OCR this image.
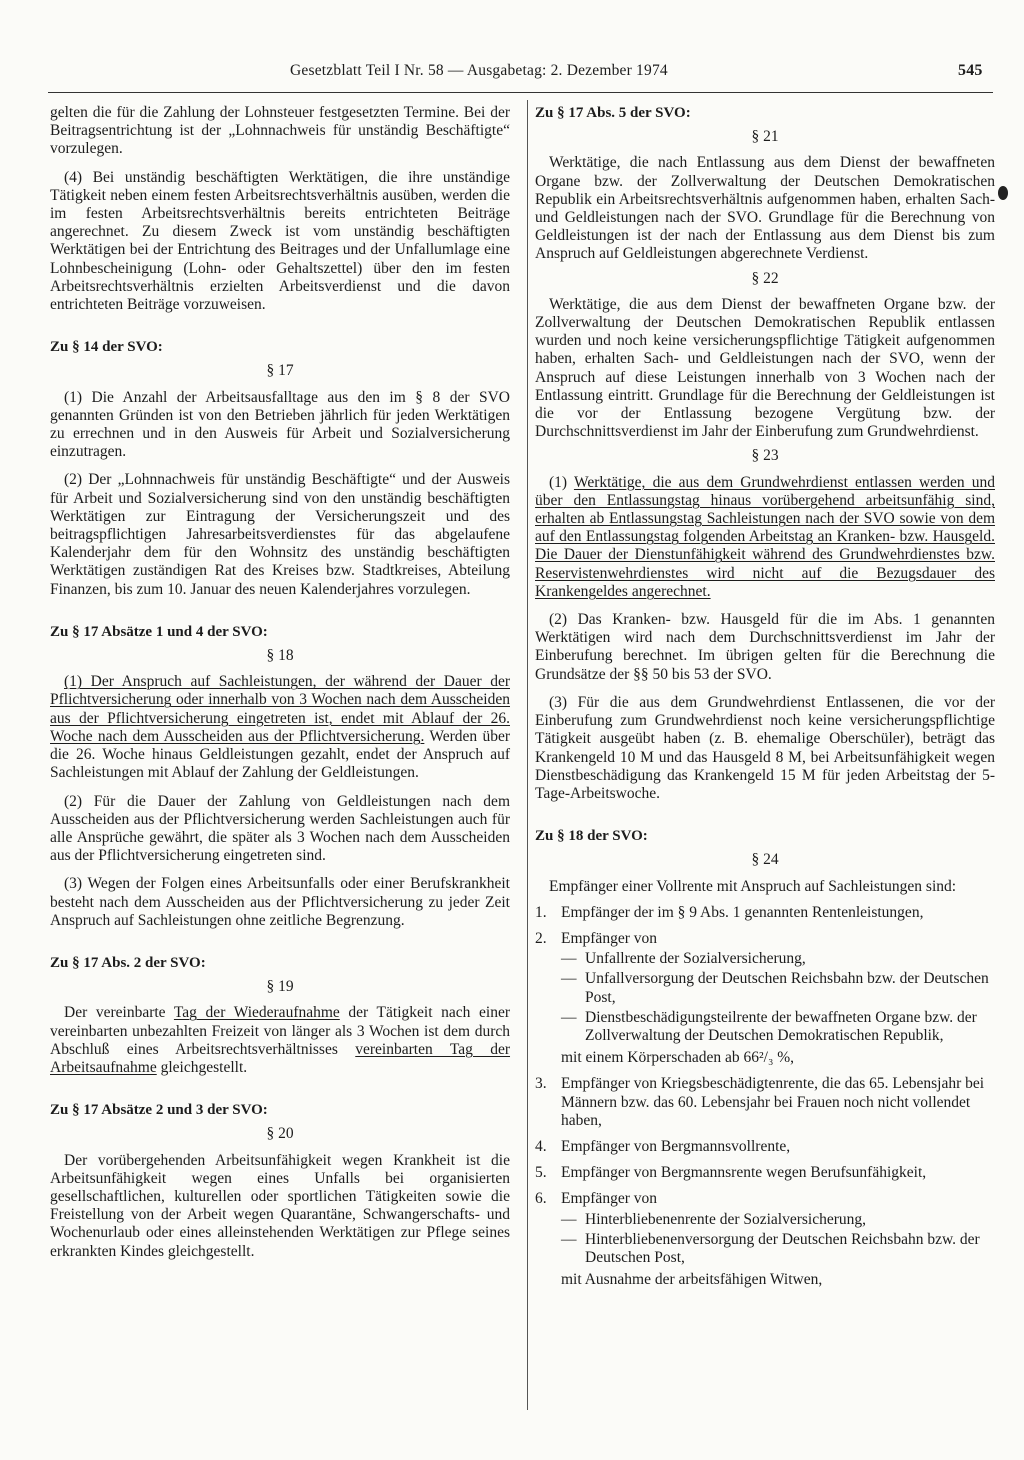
Gesetzblatt Teil I Nr. 58 — Ausgabetag: 2. Dezember 1974	545

gelten die für die Zahlung der Lohnsteuer festgesetzten Termine. Bei der Beitragsentrichtung ist der „Lohnnachweis für unständig Beschäftigte“ vorzulegen.

(4) Bei unständig beschäftigten Werktätigen, die ihre unständige Tätigkeit neben einem festen Arbeitsrechtsverhältnis ausüben, werden die im festen Arbeitsrechtsverhältnis bereits entrichteten Beiträge angerechnet. Zu diesem Zweck ist vom unständig beschäftigten Werktätigen bei der Entrichtung des Beitrages und der Unfallumlage eine Lohnbescheinigung (Lohn- oder Gehaltszettel) über den im festen Arbeitsrechtsverhältnis erzielten Arbeitsverdienst und die davon entrichteten Beiträge vorzuweisen.

Zu § 14 der SVO:

§ 17

(1) Die Anzahl der Arbeitsausfalltage aus den im § 8 der SVO genannten Gründen ist von den Betrieben jährlich für jeden Werktätigen zu errechnen und in den Ausweis für Arbeit und Sozialversicherung einzutragen.

(2) Der „Lohnnachweis für unständig Beschäftigte“ und der Ausweis für Arbeit und Sozialversicherung sind von den unständig beschäftigten Werktätigen zur Eintragung der Versicherungszeit und des beitragspflichtigen Jahresarbeitsverdienstes für das abgelaufene Kalenderjahr dem für den Wohnsitz des unständig beschäftigten Werktätigen zuständigen Rat des Kreises bzw. Stadtkreises, Abteilung Finanzen, bis zum 10. Januar des neuen Kalenderjahres vorzulegen.

Zu § 17 Absätze 1 und 4 der SVO:

§ 18

(1) Der Anspruch auf Sachleistungen, der während der Dauer der Pflichtversicherung oder innerhalb von 3 Wochen nach dem Ausscheiden aus der Pflichtversicherung eingetreten ist, endet mit Ablauf der 26. Woche nach dem Ausscheiden aus der Pflichtversicherung. Werden über die 26. Woche hinaus Geldleistungen gezahlt, endet der Anspruch auf Sachleistungen mit Ablauf der Zahlung der Geldleistungen.

(2) Für die Dauer der Zahlung von Geldleistungen nach dem Ausscheiden aus der Pflichtversicherung werden Sachleistungen auch für alle Ansprüche gewährt, die später als 3 Wochen nach dem Ausscheiden aus der Pflichtversicherung eingetreten sind.

(3) Wegen der Folgen eines Arbeitsunfalls oder einer Berufskrankheit besteht nach dem Ausscheiden aus der Pflichtversicherung zu jeder Zeit Anspruch auf Sachleistungen ohne zeitliche Begrenzung.

Zu § 17 Abs. 2 der SVO:

§ 19

Der vereinbarte Tag der Wiederaufnahme der Tätigkeit nach einer vereinbarten unbezahlten Freizeit von länger als 3 Wochen ist dem durch Abschluß eines Arbeitsrechtsverhältnisses vereinbarten Tag der Arbeitsaufnahme gleichgestellt.

Zu § 17 Absätze 2 und 3 der SVO:

§ 20

Der vorübergehenden Arbeitsunfähigkeit wegen Krankheit ist die Arbeitsunfähigkeit wegen eines Unfalls bei organisierten gesellschaftlichen, kulturellen oder sportlichen Tätigkeiten sowie die Freistellung von der Arbeit wegen Quarantäne, Schwangerschafts- und Wochenurlaub oder eines alleinstehenden Werktätigen zur Pflege seines erkrankten Kindes gleichgestellt.

Zu § 17 Abs. 5 der SVO:

§ 21

Werktätige, die nach Entlassung aus dem Dienst der bewaffneten Organe bzw. der Zollverwaltung der Deutschen Demokratischen Republik ein Arbeitsrechtsverhältnis aufgenommen haben, erhalten Sach- und Geldleistungen nach der SVO. Grundlage für die Berechnung von Geldleistungen ist der nach der Entlassung aus dem Dienst bis zum Anspruch auf Geldleistungen abgerechnete Verdienst.

§ 22

Werktätige, die aus dem Dienst der bewaffneten Organe bzw. der Zollverwaltung der Deutschen Demokratischen Republik entlassen wurden und noch keine versicherungspflichtige Tätigkeit aufgenommen haben, erhalten Sach- und Geldleistungen nach der SVO, wenn der Anspruch auf diese Leistungen innerhalb von 3 Wochen nach der Entlassung eintritt. Grundlage für die Berechnung der Geldleistungen ist die vor der Entlassung bezogene Vergütung bzw. der Durchschnittsverdienst im Jahr der Einberufung zum Grundwehrdienst.

§ 23

(1) Werktätige, die aus dem Grundwehrdienst entlassen werden und über den Entlassungstag hinaus vorübergehend arbeitsunfähig sind, erhalten ab Entlassungstag Sachleistungen nach der SVO sowie von dem auf den Entlassungstag folgenden Arbeitstag an Kranken- bzw. Hausgeld. Die Dauer der Dienstunfähigkeit während des Grundwehrdienstes bzw. Reservistenwehrdienstes wird nicht auf die Bezugsdauer des Krankengeldes angerechnet.

(2) Das Kranken- bzw. Hausgeld für die im Abs. 1 genannten Werktätigen wird nach dem Durchschnittsverdienst im Jahr der Einberufung berechnet. Im übrigen gelten für die Berechnung die Grundsätze der §§ 50 bis 53 der SVO.

(3) Für die aus dem Grundwehrdienst Entlassenen, die vor der Einberufung zum Grundwehrdienst noch keine versicherungspflichtige Tätigkeit ausgeübt haben (z. B. ehemalige Oberschüler), beträgt das Krankengeld 10 M und das Hausgeld 8 M, bei Arbeitsunfähigkeit wegen Dienstbeschädigung das Krankengeld 15 M für jeden Arbeitstag der 5-Tage-Arbeitswoche.

Zu § 18 der SVO:

§ 24

Empfänger einer Vollrente mit Anspruch auf Sachleistungen sind:

1. Empfänger der im § 9 Abs. 1 genannten Rentenleistungen,
2. Empfänger von
— Unfallrente der Sozialversicherung,
— Unfallversorgung der Deutschen Reichsbahn bzw. der Deutschen Post,
— Dienstbeschädigungsteilrente der bewaffneten Organe bzw. der Zollverwaltung der Deutschen Demokratischen Republik,

mit einem Körperschaden ab 66²/₃ %,

3. Empfänger von Kriegsbeschädigtenrente, die das 65. Lebensjahr bei Männern bzw. das 60. Lebensjahr bei Frauen noch nicht vollendet haben,
4. Empfänger von Bergmannsvollrente,
5. Empfänger von Bergmannsrente wegen Berufsunfähigkeit,
6. Empfänger von
— Hinterbliebenenrente der Sozialversicherung,
— Hinterbliebenenversorgung der Deutschen Reichsbahn bzw. der Deutschen Post,

mit Ausnahme der arbeitsfähigen Witwen,
